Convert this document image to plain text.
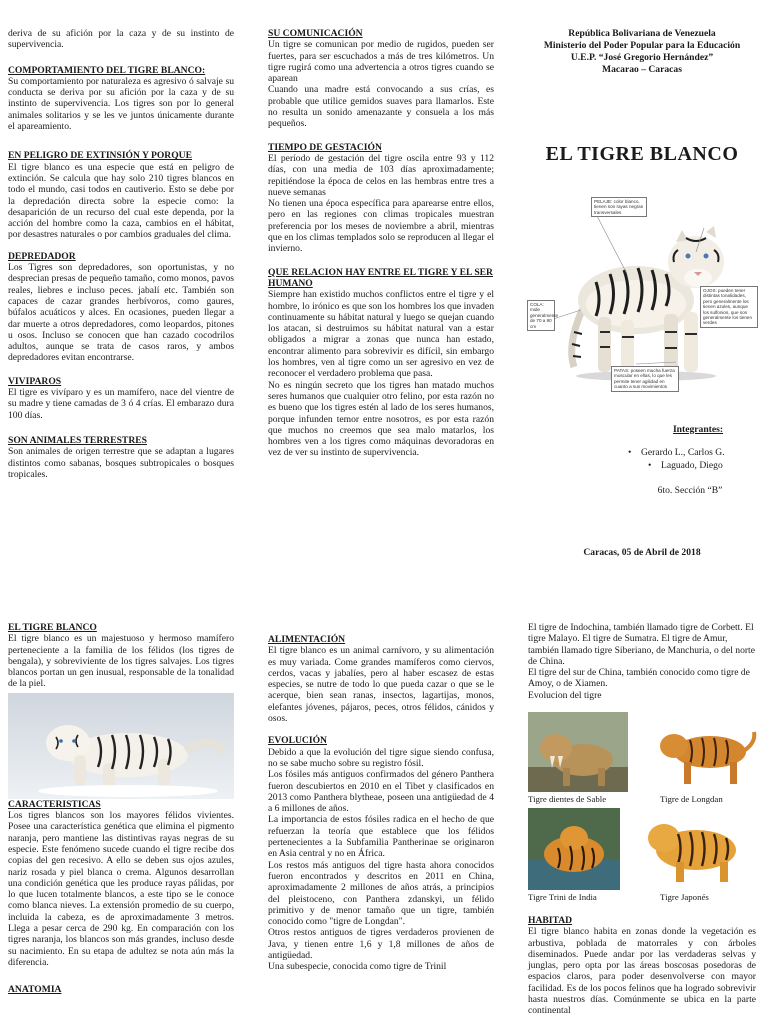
deriva de su afición por la caza y de su instinto de supervivencia.

COMPORTAMIENTO DEL TIGRE BLANCO:

Su comportamiento por naturaleza es agresivo ó salvaje su conducta se deriva por su afición por la caza y de su instinto de supervivencia. Los tigres son por lo general animales solitarios y se les ve juntos únicamente durante el apareamiento.

EN PELIGRO DE EXTINSIÓN Y PORQUE

El tigre blanco es una especie que está en peligro de extinción. Se calcula que hay solo 210 tigres blancos en todo el mundo, casi todos en cautiverio. Esto se debe por la depredación directa sobre la especie como: la desaparición de un recurso del cual este dependa, por la acción del hombre como la caza, cambios en el hábitat, por desastres naturales o por cambios graduales del clima.

DEPREDADOR

Los Tigres son depredadores, son oportunistas, y no desprecian presas de pequeño tamaño, como monos, pavos reales, liebres e incluso peces. jabalí etc. También son capaces de cazar grandes herbívoros, como gaures, búfalos acuáticos y alces. En ocasiones, pueden llegar a dar muerte a otros depredadores, como leopardos, pitones u osos. Incluso se conocen que han cazado cocodrilos adultos, aunque se trata de casos raros, y ambos depredadores evitan encontrarse.

VIVIPAROS

El tigre es vivíparo y es un mamífero, nace del vientre de su madre y tiene camadas de 3 ó 4 crías. El embarazo dura 100 días.

SON ANIMALES TERRESTRES

Son animales de origen terrestre que se adaptan a lugares distintos como sabanas, bosques subtropicales o bosques tropicales.

SU COMUNICACIÓN

Un tigre se comunican por medio de rugidos, pueden ser fuertes, para ser escuchados a más de tres kilómetros. Un tigre rugirá como una advertencia a otros tigres cuando se aparean
Cuando una madre está convocando a sus crías, es probable que utilice gemidos suaves para llamarlos. Este no resulta un sonido amenazante y consuela a los más pequeños.

TIEMPO DE GESTACIÓN

El período de gestación del tigre oscila entre 93 y 112 días, con una media de 103 días aproximadamente; repitiéndose la época de celos en las hembras entre tres a nueve semanas
No tienen una época específica para aparearse entre ellos, pero en las regiones con climas tropicales muestran preferencia por los meses de noviembre a abril, mientras que en los climas templados solo se reproducen al llegar el invierno.

QUE RELACION HAY ENTRE EL TIGRE Y EL SER HUMANO

Siempre han existido muchos conflictos entre el tigre y el hombre, lo irónico es que son los hombres los que invaden continuamente su hábitat natural y luego se quejan cuando los atacan, si destruimos su hábitat natural van a estar obligados a migrar a zonas que nunca han estado, encontrar alimento para sobrevivir es difícil, sin embargo los hombres, ven al tigre como un ser agresivo en vez de reconocer el verdadero problema que pasa.
No es ningún secreto que los tigres han matado muchos seres humanos que cualquier otro felino, por esta razón no es bueno que los tigres estén al lado de los seres humanos, porque infunden temor entre nosotros, es por esta razón que muchos no creemos que sea malo matarlos, los hombres ven a los tigres como máquinas devoradoras en vez de ver su instinto de supervivencia.

República Bolivariana de Venezuela
Ministerio del Poder Popular para la Educación
U.E.P. “José Gregorio Hernández”
Macarao – Caracas
EL TIGRE BLANCO
PELAJE: color blanco, tienen son rayas negras transversales
OJOS: pueden tener distintas tonalidades, pero generalmente los tienen azules, aunque los sulfonios, que son generalmente los tienen verdes
COLA: mide generalmente de 70 a 90 cm
PATAS: poseen mucha fuerza muscular en ellas, lo que les permite tener agilidad en cuanto a sus movimientos
Integrantes:
•    Gerardo L., Carlos G.
•    Laguado, Diego
6to. Sección “B”
Caracas, 05 de Abril de 2018

EL TIGRE BLANCO

El tigre blanco es un majestuoso y hermoso mamífero perteneciente a la familia de los félidos (los tigres de bengala), y sobreviviente de los tigres salvajes. Los tigres blancos portan un gen inusual, responsable de la tonalidad de la piel.

CARACTERISTICAS

Los tigres blancos son los mayores félidos vivientes. Posee una característica genética que elimina el pigmento naranja, pero mantiene las distintivas rayas negras de su especie. Este fenómeno sucede cuando el tigre recibe dos copias del gen recesivo. A ello se deben sus ojos azules, nariz rosada y piel blanca o crema. Algunos desarrollan una condición genética que les produce rayas pálidas, por lo que lucen totalmente blancos, a este tipo se le conoce como blanca nieves. La extensión promedio de su cuerpo, incluida la cabeza, es de aproximadamente 3 metros. Llega a pesar cerca de 290 kg. En comparación con los tigres naranja, los blancos son más grandes, incluso desde su nacimiento. En su etapa de adultez se nota aún más la diferencia.

ANATOMIA

ALIMENTACIÓN

El tigre blanco es un animal carnívoro, y su alimentación es muy variada. Come grandes mamíferos como ciervos, cerdos, vacas y jabalíes, pero al haber escasez de estas especies, se nutre de todo lo que pueda cazar o que se le acerque, bien sean ranas, insectos, lagartijas, monos, elefantes jóvenes, pájaros, peces, otros félidos, cánidos y osos.

EVOLUCIÓN

Debido a que la evolución del tigre sigue siendo confusa, no se sabe mucho sobre su registro fósil.
Los fósiles más antiguos confirmados del género Panthera fueron descubiertos en 2010 en el Tibet y clasificados en 2013 como Panthera blytheae, poseen una antigüedad de 4 a 6 millones de años.
La importancia de estos fósiles radica en el hecho de que refuerzan la teoría que establece que los félidos pertenecientes a la Subfamilia Pantherinae se originaron en Asia central y no en África.
Los restos más antiguos del tigre hasta ahora conocidos fueron encontrados y descritos en 2011 en China, aproximadamente 2 millones de años atrás, a principios del pleistoceno, con Panthera zdanskyi, un félido primitivo y de menor tamaño que un tigre, también conocido como "tigre de Longdan".
Otros restos antiguos de tigres verdaderos provienen de Java, y tienen entre 1,6 y 1,8 millones de años de antigüedad.
Una subespecie, conocida como tigre de Trinil

El tigre de Indochina, también llamado tigre de Corbett. El tigre Malayo. El tigre de Sumatra. El tigre de Amur, también llamado tigre Siberiano, de Manchuria, o del norte de China.
El tigre del sur de China, también conocido como tigre de Amoy, o de Xiamen.
Evolucion del tigre

Tigre dientes de Sable	Tigre de Longdan
Tigre Trini de India	Tigre Japonés

HABITAD

El tigre blanco habita en zonas donde la vegetación es arbustiva, poblada de matorrales y con árboles diseminados. Puede andar por las verdaderas selvas y junglas, pero opta por las áreas boscosas posedoras de espacios claros, para poder desenvolverse con mayor facilidad. Es de los pocos felinos que ha logrado sobrevivir hasta nuestros días. Comúnmente se ubica en la parte continental
